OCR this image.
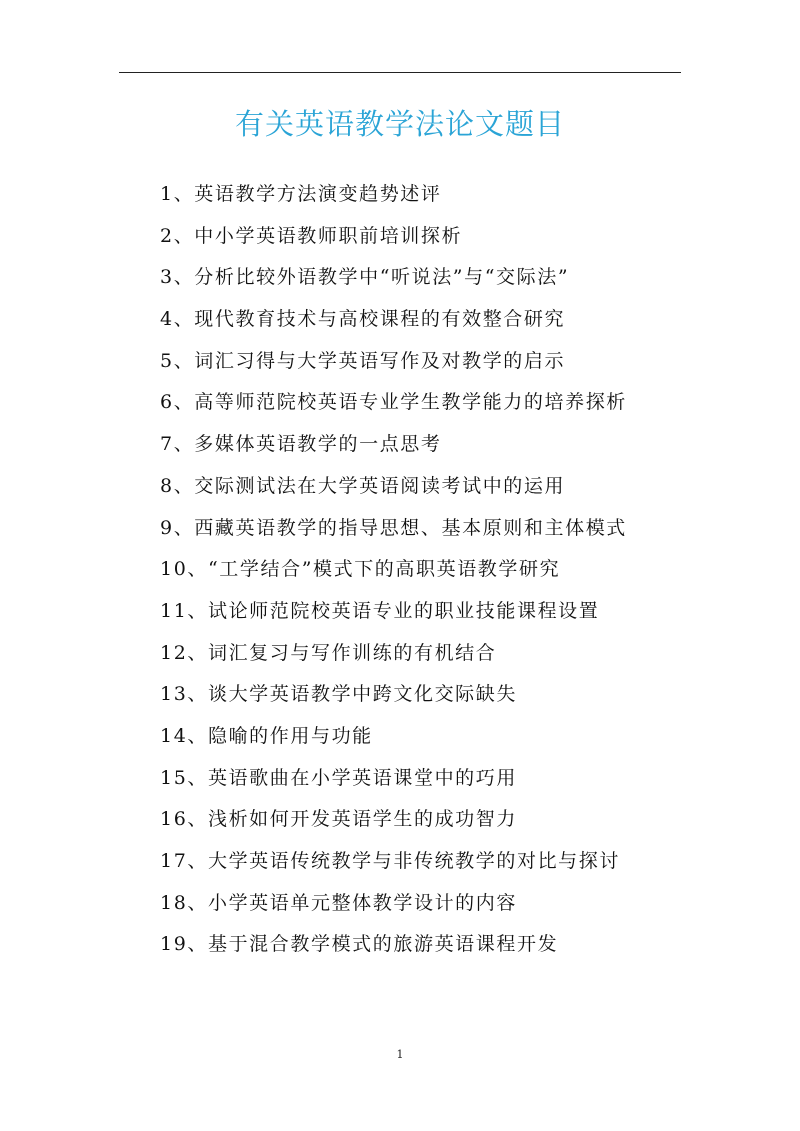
有关英语教学法论文题目
1、英语教学方法演变趋势述评
2、中小学英语教师职前培训探析
3、分析比较外语教学中“听说法”与“交际法”
4、现代教育技术与高校课程的有效整合研究
5、词汇习得与大学英语写作及对教学的启示
6、高等师范院校英语专业学生教学能力的培养探析
7、多媒体英语教学的一点思考
8、交际测试法在大学英语阅读考试中的运用
9、西藏英语教学的指导思想、基本原则和主体模式
10、“工学结合”模式下的高职英语教学研究
11、试论师范院校英语专业的职业技能课程设置
12、词汇复习与写作训练的有机结合
13、谈大学英语教学中跨文化交际缺失
14、隐喻的作用与功能
15、英语歌曲在小学英语课堂中的巧用
16、浅析如何开发英语学生的成功智力
17、大学英语传统教学与非传统教学的对比与探讨
18、小学英语单元整体教学设计的内容
19、基于混合教学模式的旅游英语课程开发
1
